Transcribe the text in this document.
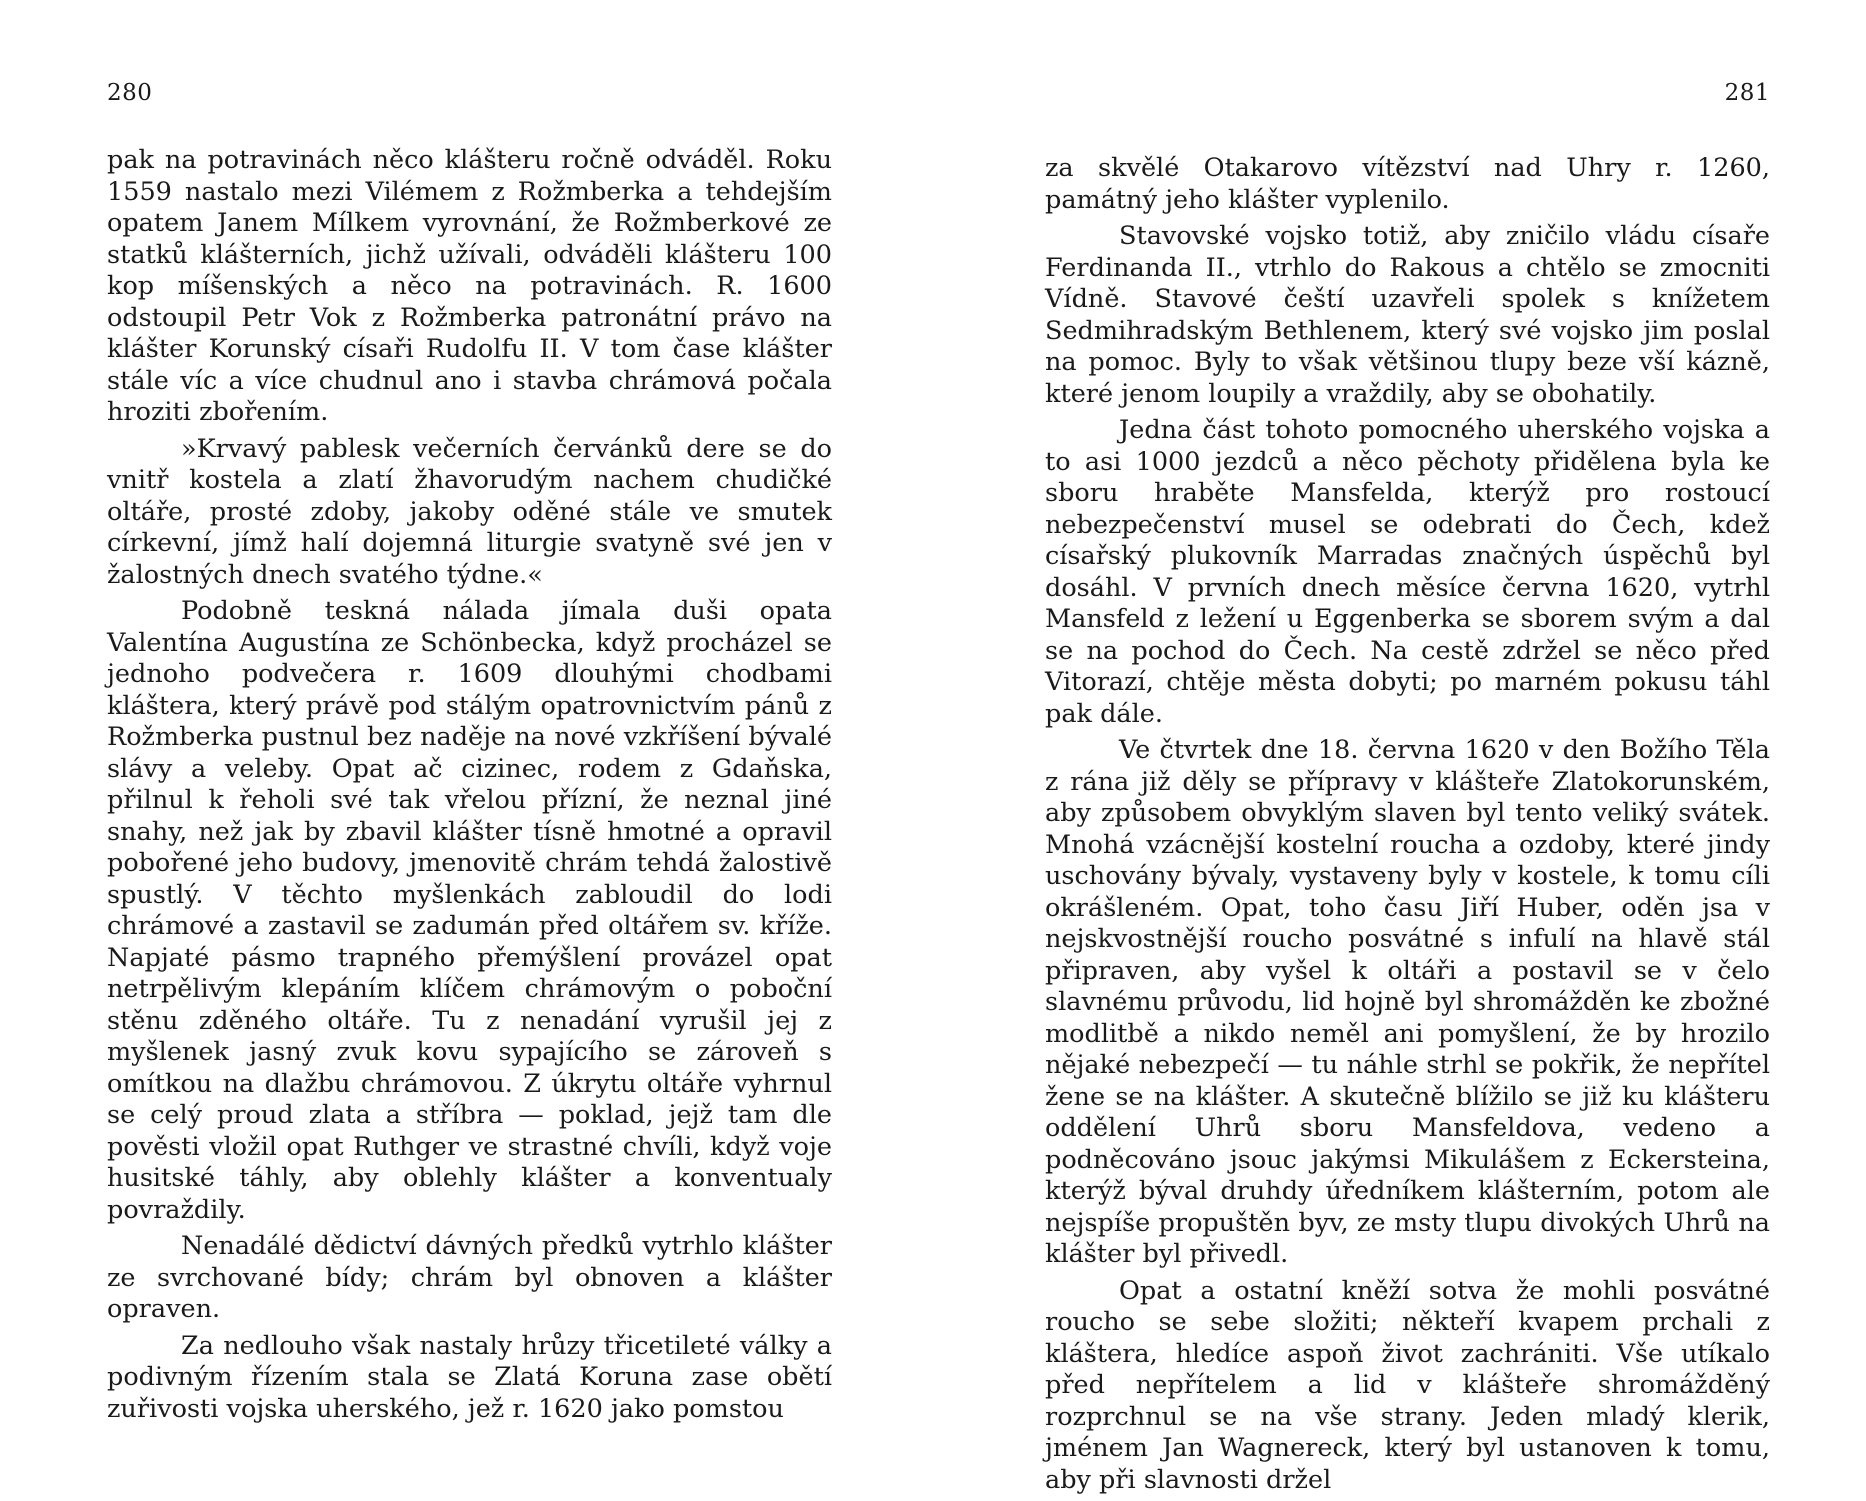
280

pak na potravinách něco klášteru ročně odváděl. Roku 1559 nastalo mezi Vilémem z Rožmberka a tehdejším opatem Janem Mílkem vyrovnání, že Rožmberkové ze statků klášterních, jichž užívali, odváděli klášteru 100 kop míšenských a něco na potravinách. R. 1600 odstoupil Petr Vok z Rožmberka patronátní právo na klášter Korunský císaři Rudolfu II. V tom čase klášter stále víc a více chudnul ano i stavba chrámová počala hroziti zbořením.

»Krvavý pablesk večerních červánků dere se do vnitř kostela a zlatí žhavorudým nachem chudičké oltáře, prosté zdoby, jakoby oděné stále ve smutek církevní, jímž halí dojemná liturgie svatyně své jen v žalostných dnech svatého týdne.«

Podobně teskná nálada jímala duši opata Valentína Augustína ze Schönbecka, když procházel se jednoho podvečera r. 1609 dlouhými chodbami kláštera, který právě pod stálým opatrovnictvím pánů z Rožmberka pustnul bez naděje na nové vzkříšení bývalé slávy a veleby. Opat ač cizinec, rodem z Gdaňska, přilnul k řeholi své tak vřelou přízní, že neznal jiné snahy, než jak by zbavil klášter tísně hmotné a opravil pobořené jeho budovy, jmenovitě chrám tehdá žalostivě spustlý. V těchto myšlenkách zabloudil do lodi chrámové a zastavil se zadumán před oltářem sv. kříže. Napjaté pásmo trapného přemýšlení provázel opat netrpělivým klepáním klíčem chrámovým o poboční stěnu zděného oltáře. Tu z nenadání vyrušil jej z myšlenek jasný zvuk kovu sypajícího se zároveň s omítkou na dlažbu chrámovou. Z úkrytu oltáře vyhrnul se celý proud zlata a stříbra — poklad, jejž tam dle pověsti vložil opat Ruthger ve strastné chvíli, když voje husitské táhly, aby oblehly klášter a konventualy povraždily.

Nenadálé dědictví dávných předků vytrhlo klášter ze svrchované bídy; chrám byl obnoven a klášter opraven.

Za nedlouho však nastaly hrůzy třicetileté války a podivným řízením stala se Zlatá Koruna zase obětí zuřivosti vojska uherského, jež r. 1620 jako pomstou

281

za skvělé Otakarovo vítězství nad Uhry r. 1260, památný jeho klášter vyplenilo.

Stavovské vojsko totiž, aby zničilo vládu císaře Ferdinanda II., vtrhlo do Rakous a chtělo se zmocniti Vídně. Stavové čeští uzavřeli spolek s knížetem Sedmihradským Bethlenem, který své vojsko jim poslal na pomoc. Byly to však většinou tlupy beze vší kázně, které jenom loupily a vraždily, aby se obohatily.

Jedna část tohoto pomocného uherského vojska a to asi 1000 jezdců a něco pěchoty přidělena byla ke sboru hraběte Mansfelda, kterýž pro rostoucí nebezpečenství musel se odebrati do Čech, kdež císařský plukovník Marradas značných úspěchů byl dosáhl. V prvních dnech měsíce června 1620, vytrhl Mansfeld z ležení u Eggenberka se sborem svým a dal se na pochod do Čech. Na cestě zdržel se něco před Vitorazí, chtěje města dobyti; po marném pokusu táhl pak dále.

Ve čtvrtek dne 18. června 1620 v den Božího Těla z rána již děly se přípravy v klášteře Zlatokorunském, aby způsobem obvyklým slaven byl tento veliký svátek. Mnohá vzácnější kostelní roucha a ozdoby, které jindy uschovány bývaly, vystaveny byly v kostele, k tomu cíli okrášleném. Opat, toho času Jiří Huber, oděn jsa v nejskvostnější roucho posvátné s infulí na hlavě stál připraven, aby vyšel k oltáři a postavil se v čelo slavnému průvodu, lid hojně byl shromážděn ke zbožné modlitbě a nikdo neměl ani pomyšlení, že by hrozilo nějaké nebezpečí — tu náhle strhl se pokřik, že nepřítel žene se na klášter. A skutečně blížilo se již ku klášteru oddělení Uhrů sboru Mansfeldova, vedeno a podněcováno jsouc jakýmsi Mikulášem z Eckersteina, kterýž býval druhdy úředníkem klášterním, potom ale nejspíše propuštěn byv, ze msty tlupu divokých Uhrů na klášter byl přivedl.

Opat a ostatní kněží sotva že mohli posvátné roucho se sebe složiti; někteří kvapem prchali z kláštera, hledíce aspoň život zachrániti. Vše utíkalo před nepřítelem a lid v klášteře shromážděný rozprchnul se na vše strany. Jeden mladý klerik, jménem Jan Wagnereck, který byl ustanoven k tomu, aby při slavnosti držel
